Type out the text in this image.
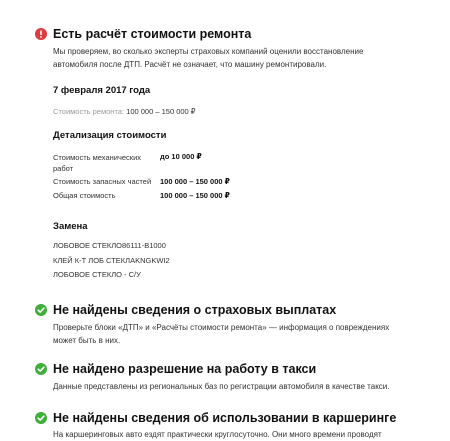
Есть расчёт стоимости ремонта
Мы проверяем, во сколько эксперты страховых компаний оценили восстановление автомобиля после ДТП. Расчёт не означает, что машину ремонтировали.
7 февраля 2017 года
Стоимость ремонта: 100 000 – 150 000 ₽
Детализация стоимости
Стоимость механических
работ
до 10 000 ₽
Стоимость запасных частей 100 000 – 150 000 ₽
Общая стоимость	100 000 – 150 000 ₽
Замена
ЛОБОВОЕ СТЕКЛО86111-B1000
КЛЕЙ К-Т ЛОБ СТЕКЛАKNGKWI2
ЛОБОВОЕ СТЕКЛО - С/У
Не найдены сведения о страховых выплатах
Проверьте блоки «ДТП» и «Расчёты стоимости ремонта» — информация о повреждениях может быть в них.
Не найдено разрешение на работу в такси
Данные представлены из региональных баз по регистрации автомобиля в качестве такси.
Не найдены сведения об использовании в каршеринге
На каршеринговых авто ездят практически круглосуточно. Они много времени проводят
